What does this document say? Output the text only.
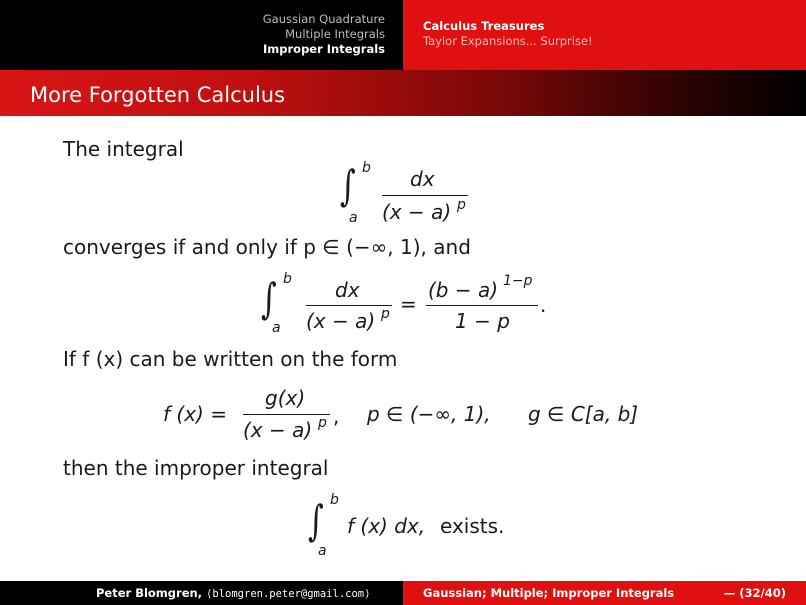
Gaussian Quadrature
Multiple Integrals
Improper Integrals
Calculus Treasures
Taylor Expansions... Surprise!
More Forgotten Calculus
The integral
∫ b
a
dx
(x − a) p
converges if and only if p ∈ (−∞, 1), and
∫ b
a
dx
(x − a) p =
(b − a) 1−p
1 − p
.
If f (x) can be written on the form
f (x) =
g(x)
(x − a) p , p ∈ (−∞, 1), g ∈ C[a, b]
then the improper integral
∫ b
a
f (x) dx, exists.
Peter Blomgren, ⟨blomgren.peter@gmail.com⟩	Gaussian; Multiple; Improper Integrals	— (32/40)
